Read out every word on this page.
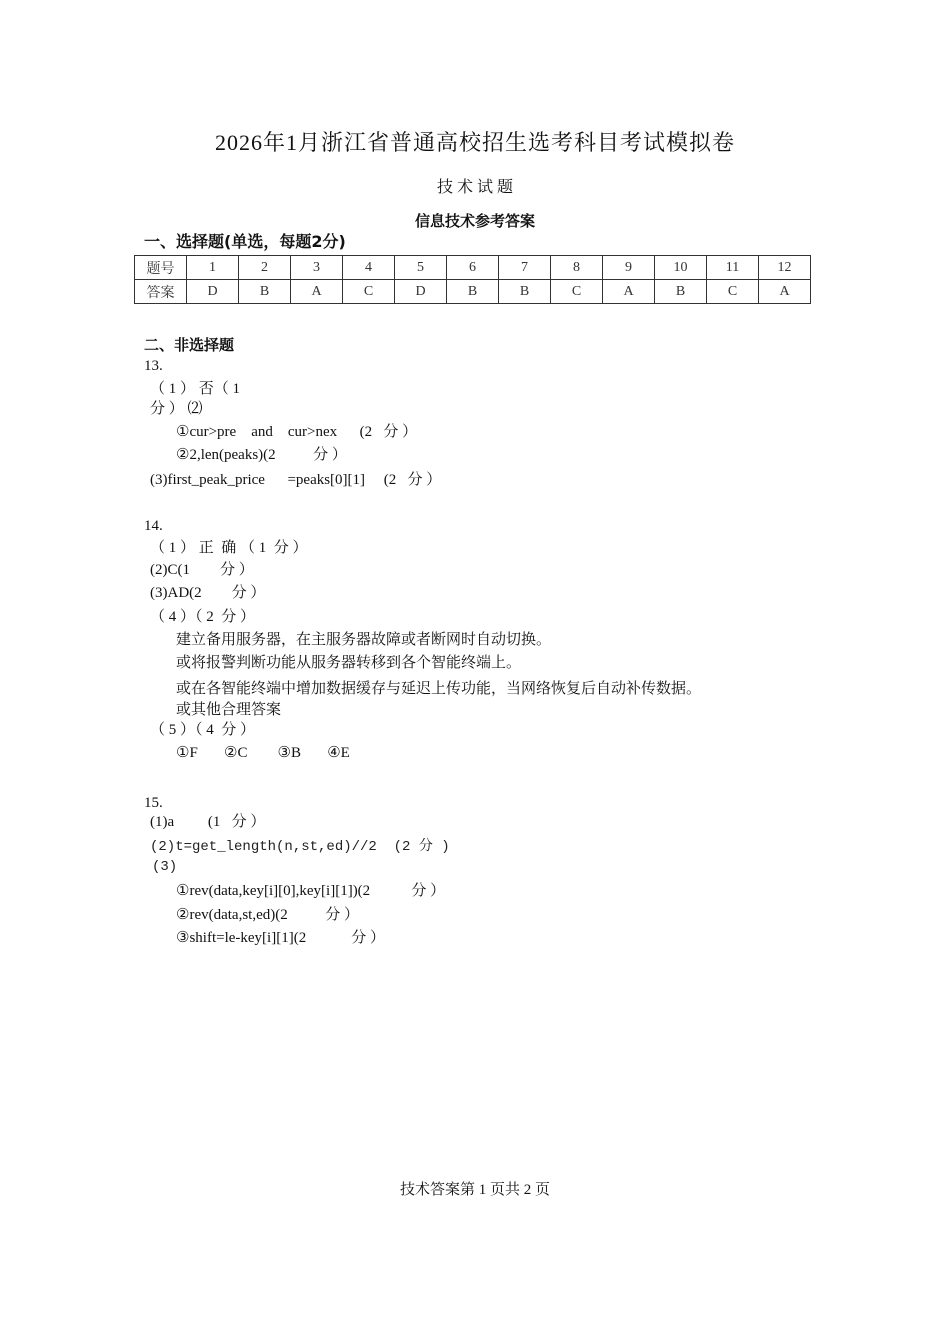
2026年1月浙江省普通高校招生选考科目考试模拟卷
技 术 试 题
信息技术参考答案
一、选择题(单选，每题2分)
题号	1	2	3	4	5	6	7	8	9	10	11	12
答案	D	B	A	C	D	B	B	C	A	B	C	A
二、非选择题
技术答案第 1 页共 2 页
13.
（ 1 ） 否（ 1
分 ） ⑵
①cur>pre    and    cur>nex      (2   分 ）
②2,len(peaks)(2          分 ）
(3)first_peak_price      =peaks[0][1]     (2   分 ）
14.
（ 1 ） 正  确 （ 1  分 ）
(2)C(1        分 ）
(3)AD(2        分 ）
（ 4 ）（ 2  分 ）
建立备用服务器，在主服务器故障或者断网时自动切换。
或将报警判断功能从服务器转移到各个智能终端上。
或在各智能终端中增加数据缓存与延迟上传功能，当网络恢复后自动补传数据。
或其他合理答案
（ 5 ）（ 4  分 ）
①F       ②C        ③B       ④E
15.
(1)a         (1   分 ）
(2)t=get_length(n,st,ed)//2  (2 分 )
(3)
①rev(data,key[i][0],key[i][1])(2           分 ）
②rev(data,st,ed)(2          分 ）
③shift=le-key[i][1](2            分 ）
